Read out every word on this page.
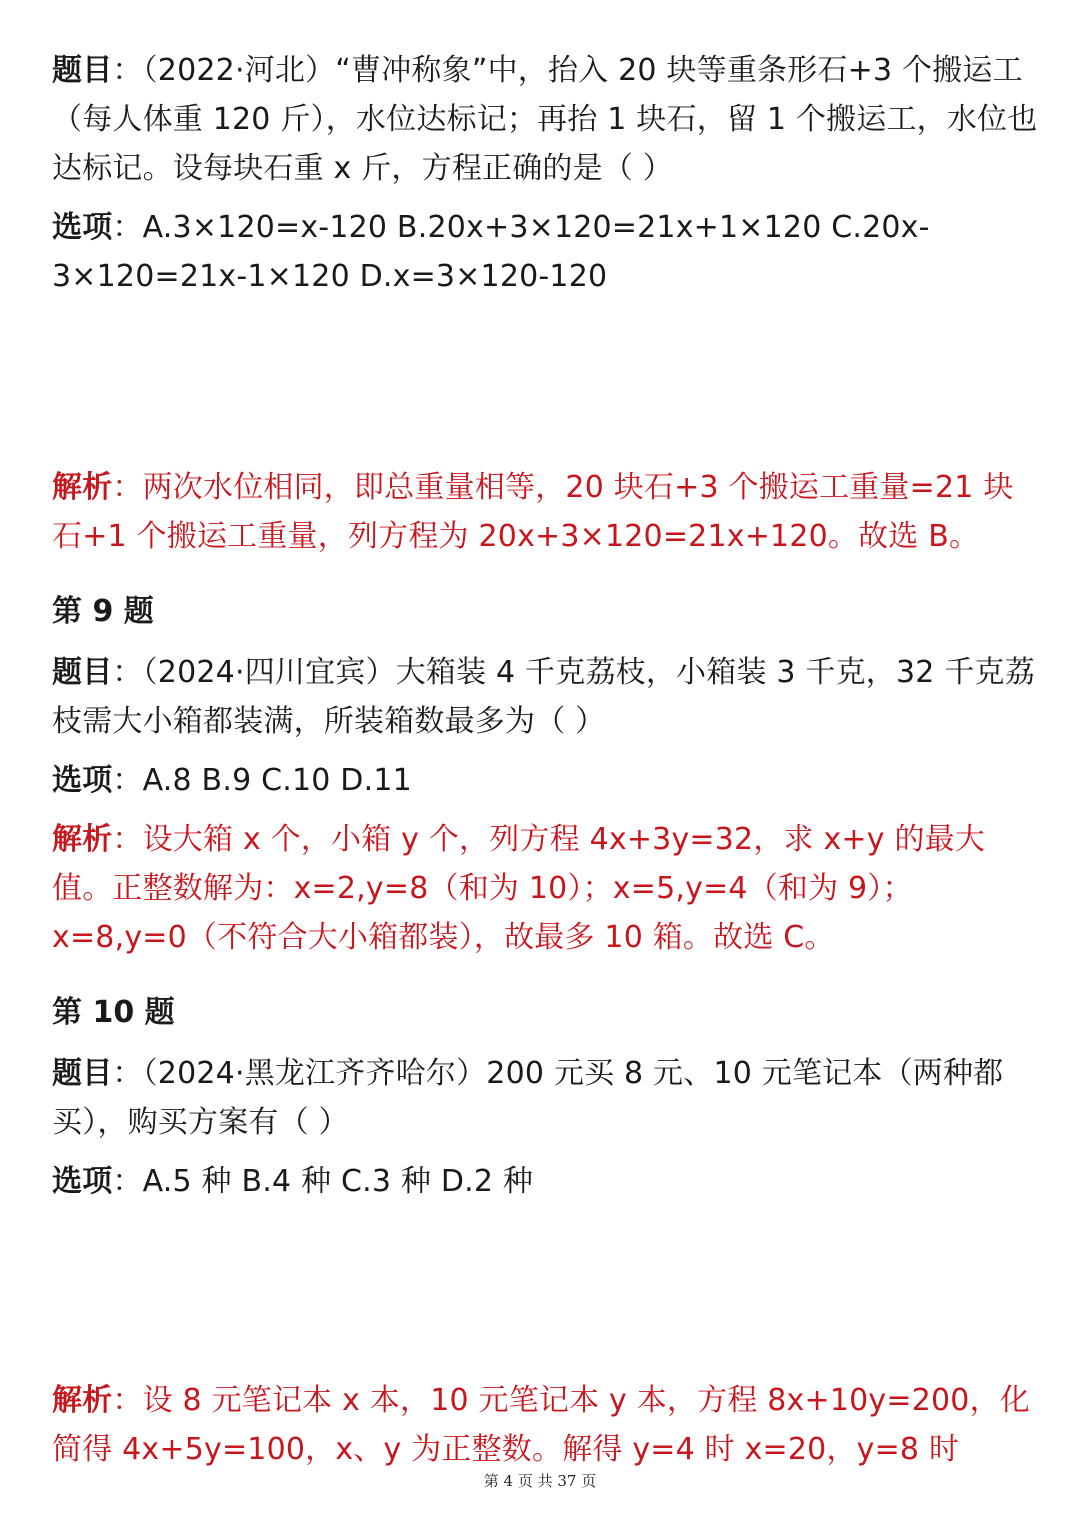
题目：（2022·河北）“曹冲称象”中，抬入 20 块等重条形石+3 个搬运工（每人体重 120 斤），水位达标记；再抬 1 块石，留 1 个搬运工，水位也达标记。设每块石重 x 斤，方程正确的是（ ）

选项：A.3×120=x-120 B.20x+3×120=21x+1×120 C.20x-3×120=21x-1×120 D.x=3×120-120

解析：两次水位相同，即总重量相等，20 块石+3 个搬运工重量=21 块石+1 个搬运工重量，列方程为 20x+3×120=21x+120。故选 B。

第 9 题

题目：（2024·四川宜宾）大箱装 4 千克荔枝，小箱装 3 千克，32 千克荔枝需大小箱都装满，所装箱数最多为（ ）

选项：A.8 B.9 C.10 D.11

解析：设大箱 x 个，小箱 y 个，列方程 4x+3y=32，求 x+y 的最大值。正整数解为：x=2,y=8（和为 10）；x=5,y=4（和为 9）；x=8,y=0（不符合大小箱都装），故最多 10 箱。故选 C。

第 10 题

题目：（2024·黑龙江齐齐哈尔）200 元买 8 元、10 元笔记本（两种都买），购买方案有（ ）

选项：A.5 种 B.4 种 C.3 种 D.2 种

解析：设 8 元笔记本 x 本，10 元笔记本 y 本，方程 8x+10y=200，化简得 4x+5y=100，x、y 为正整数。解得 y=4 时 x=20，y=8 时

第 4 页 共 37 页
